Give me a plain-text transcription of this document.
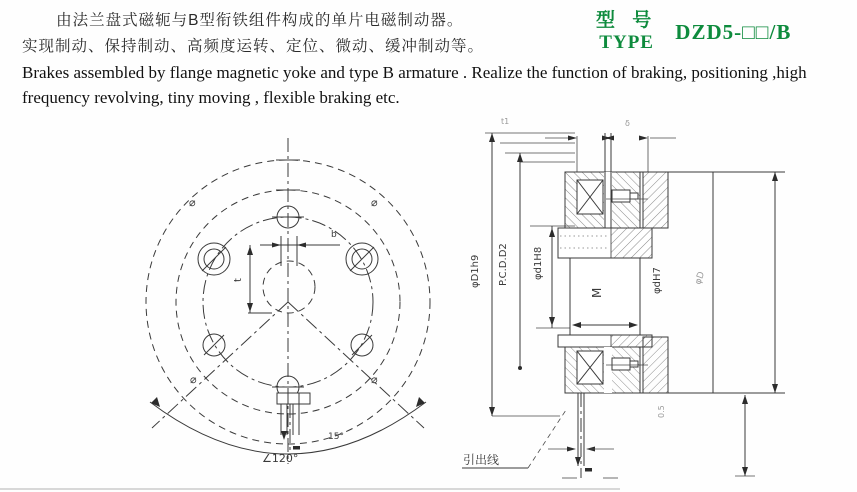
由法兰盘式磁轭与B型衔铁组件构成的单片电磁制动器。
实现制动、保持制动、高频度运转、定位、微动、缓冲制动等。
Brakes assembled by flange magnetic yoke and type B armature . Realize the function of braking, positioning ,high
frequency revolving, tiny moving , flexible braking etc.
型 号
TYPE DZD5-□□/B
⌀	⌀
⌀	⌀
b
t
∠120°
15°
φD1h9 P.C.D.D2 φd1H8
t1	δ
M	φdH7	φD
0.5
引出线
